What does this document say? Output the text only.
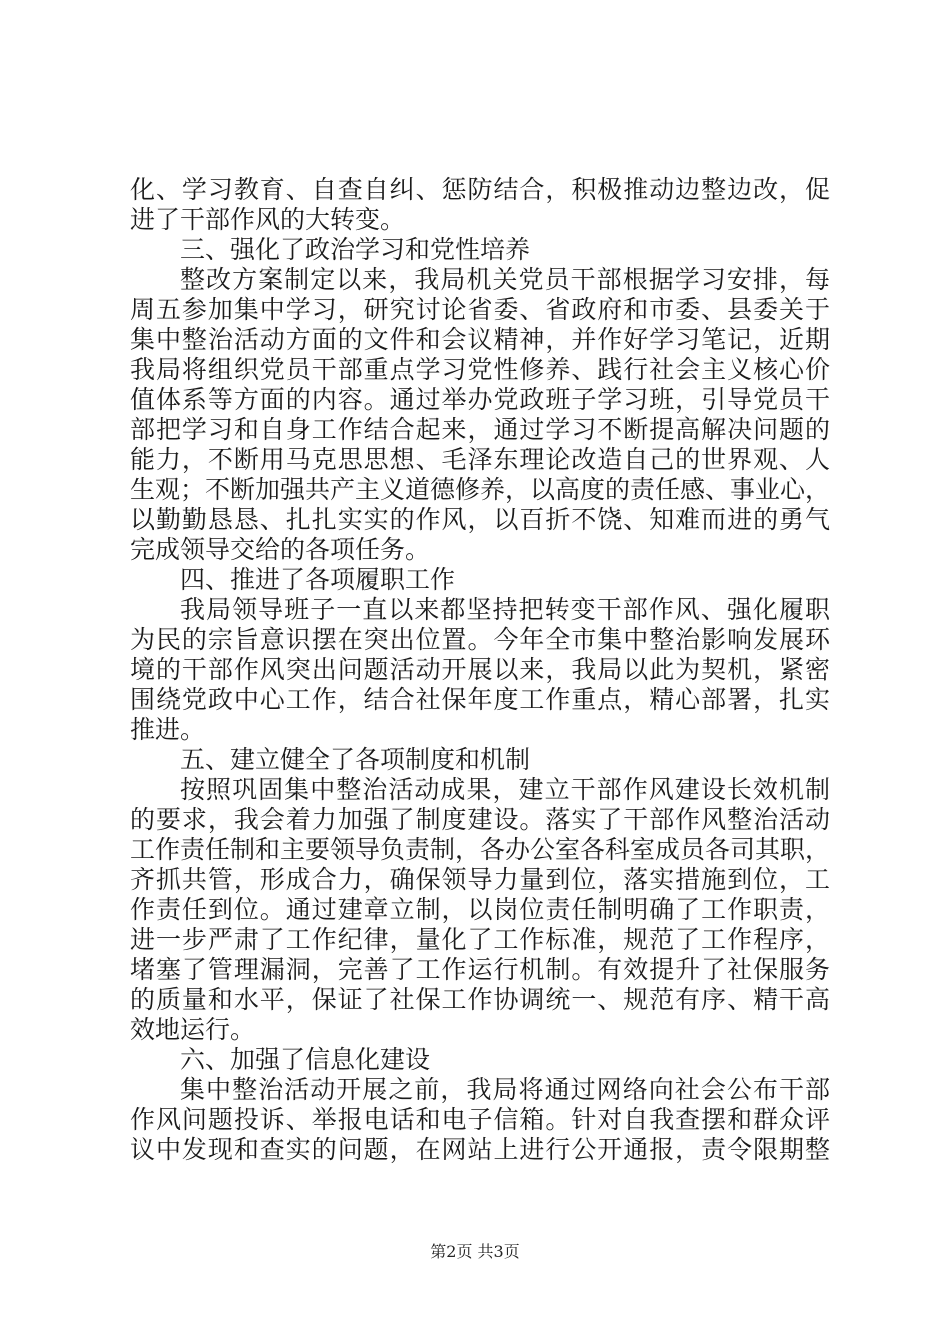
化、学习教育、自查自纠、惩防结合，积极推动边整边改，促
进了干部作风的大转变。
三、强化了政治学习和党性培养
整改方案制定以来，我局机关党员干部根据学习安排，每
周五参加集中学习，研究讨论省委、省政府和市委、县委关于
集中整治活动方面的文件和会议精神，并作好学习笔记，近期
我局将组织党员干部重点学习党性修养、践行社会主义核心价
值体系等方面的内容。通过举办党政班子学习班，引导党员干
部把学习和自身工作结合起来，通过学习不断提高解决问题的
能力，不断用马克思思想、毛泽东理论改造自己的世界观、人
生观；不断加强共产主义道德修养，以高度的责任感、事业心，
以勤勤恳恳、扎扎实实的作风，以百折不饶、知难而进的勇气
完成领导交给的各项任务。
四、推进了各项履职工作
我局领导班子一直以来都坚持把转变干部作风、强化履职
为民的宗旨意识摆在突出位置。今年全市集中整治影响发展环
境的干部作风突出问题活动开展以来，我局以此为契机，紧密
围绕党政中心工作，结合社保年度工作重点，精心部署，扎实
推进。
五、建立健全了各项制度和机制
按照巩固集中整治活动成果，建立干部作风建设长效机制
的要求，我会着力加强了制度建设。落实了干部作风整治活动
工作责任制和主要领导负责制，各办公室各科室成员各司其职，
齐抓共管，形成合力，确保领导力量到位，落实措施到位，工
作责任到位。通过建章立制，以岗位责任制明确了工作职责，
进一步严肃了工作纪律，量化了工作标准，规范了工作程序，
堵塞了管理漏洞，完善了工作运行机制。有效提升了社保服务
的质量和水平，保证了社保工作协调统一、规范有序、精干高
效地运行。
六、加强了信息化建设
集中整治活动开展之前，我局将通过网络向社会公布干部
作风问题投诉、举报电话和电子信箱。针对自我查摆和群众评
议中发现和查实的问题，在网站上进行公开通报，责令限期整
第2页 共3页
